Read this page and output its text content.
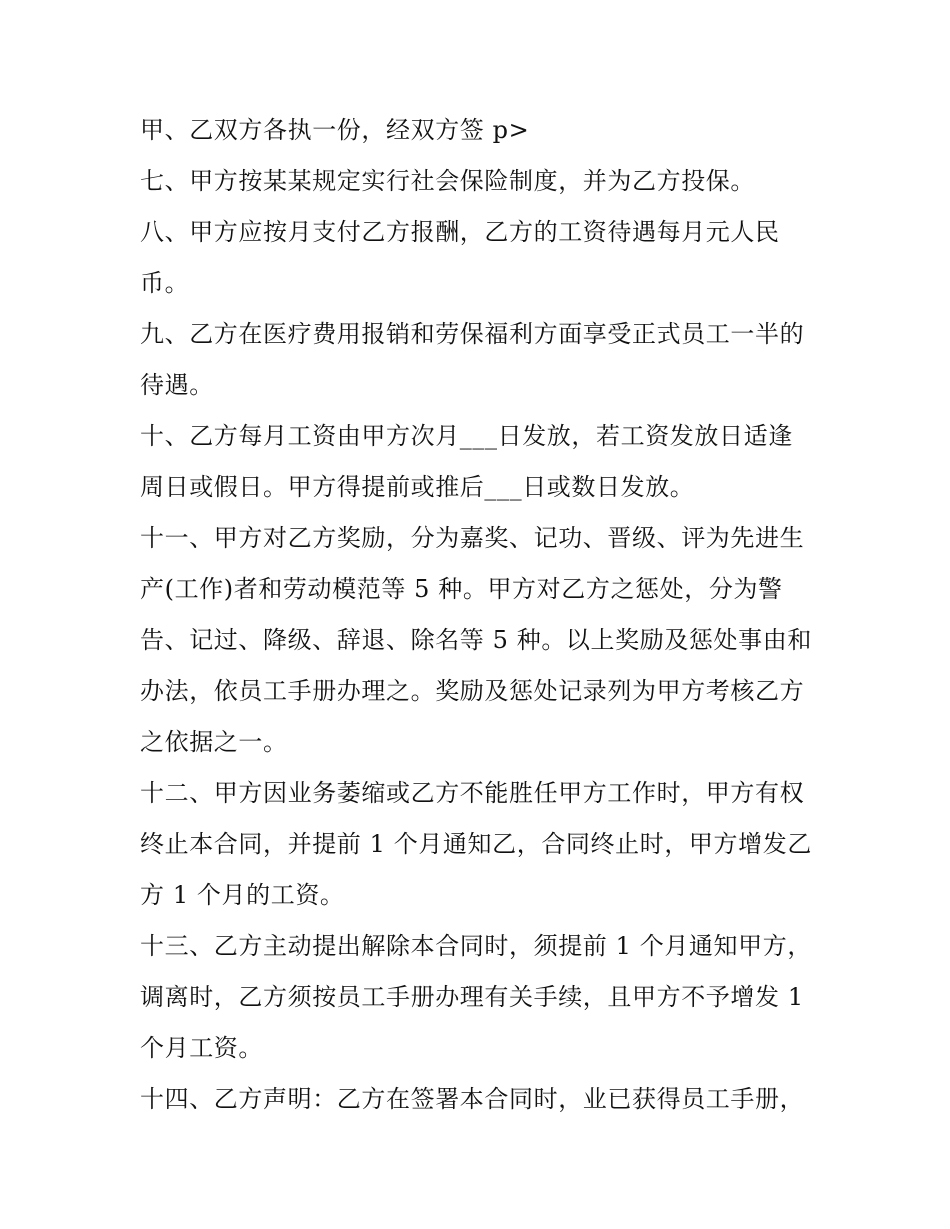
甲、乙双方各执一份，经双方签 p>
七、甲方按某某规定实行社会保险制度，并为乙方投保。
八、甲方应按月支付乙方报酬，乙方的工资待遇每月元人民
币。
九、乙方在医疗费用报销和劳保福利方面享受正式员工一半的
待遇。
十、乙方每月工资由甲方次月___日发放，若工资发放日适逢
周日或假日。甲方得提前或推后___日或数日发放。
十一、甲方对乙方奖励，分为嘉奖、记功、晋级、评为先进生
产(工作)者和劳动模范等 5 种。甲方对乙方之惩处，分为警
告、记过、降级、辞退、除名等 5 种。以上奖励及惩处事由和
办法，依员工手册办理之。奖励及惩处记录列为甲方考核乙方
之依据之一。
十二、甲方因业务萎缩或乙方不能胜任甲方工作时，甲方有权
终止本合同，并提前 1 个月通知乙，合同终止时，甲方增发乙
方 1 个月的工资。
十三、乙方主动提出解除本合同时，须提前 1 个月通知甲方，
调离时，乙方须按员工手册办理有关手续，且甲方不予增发 1
个月工资。
十四、乙方声明：乙方在签署本合同时，业已获得员工手册，
